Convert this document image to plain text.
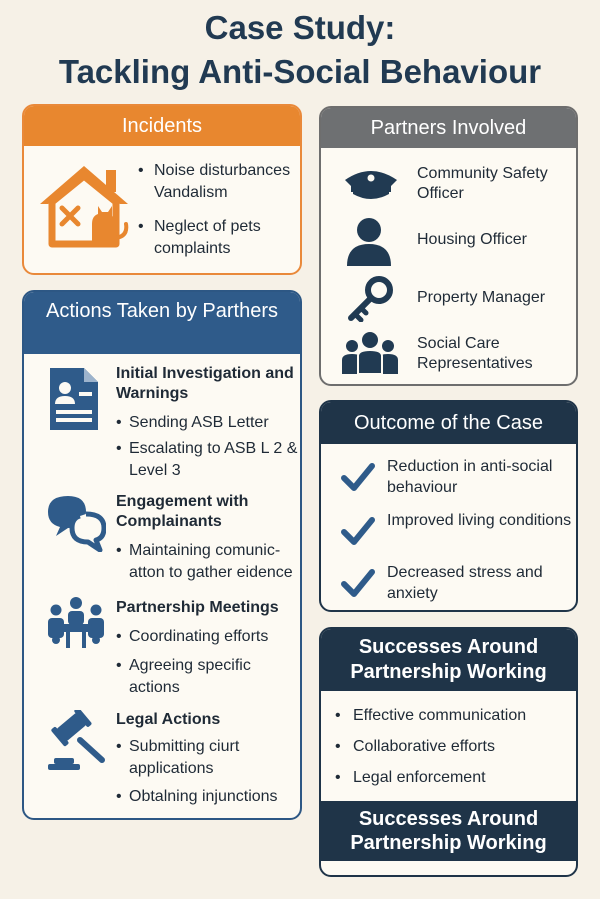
Case Study:
Tackling Anti-Social Behaviour
Incidents
• Noise disturbances Vandalism
• Neglect of pets complaints
Partners Involved
Community Safety Officer
Housing Officer
Property Manager
Social Care Representatives
Actions Taken by Parthers
Initial Investigation and Warnings
• Sending ASB Letter
• Escalating to ASB L 2 & Level 3
Engagement with Complainants
• Maintaining comunic-atton to gather eidence
Partnership Meetings
• Coordinating efforts
• Agreeing specific actions
Legal Actions
• Submitting ciurt applications
• Obtalning injunctions
Outcome of the Case
Reduction in anti-social behaviour
Improved living conditions
Decreased stress and anxiety
Successes Around Partnership Working
• Effective communication
• Collaborative efforts
• Legal enforcement
Successes Around Partnership Working
